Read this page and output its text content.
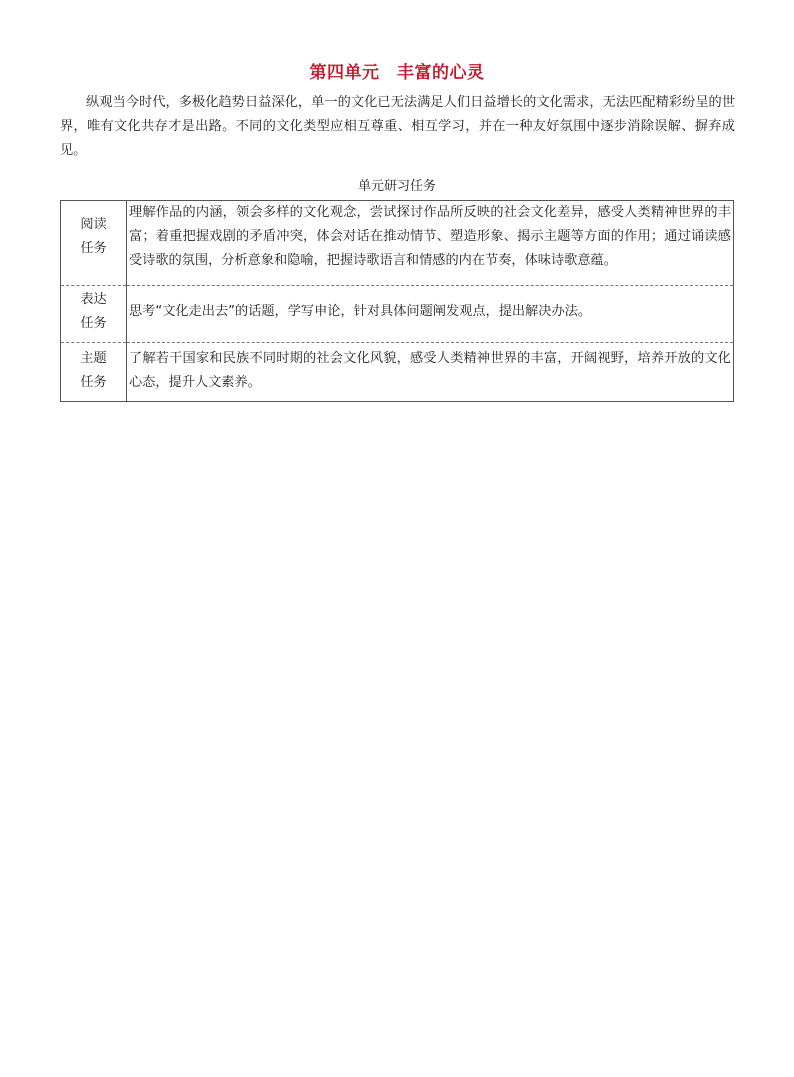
第四单元　丰富的心灵

纵观当今时代，多极化趋势日益深化，单一的文化已无法满足人们日益增长的文化需求，无法匹配精彩纷呈的世界，唯有文化共存才是出路。不同的文化类型应相互尊重、相互学习，并在一种友好氛围中逐步消除误解、摒弃成见。

单元研习任务
阅读
任务	理解作品的内涵，领会多样的文化观念，尝试探讨作品所反映的社会文化差异，感受人类精神世界的丰富；着重把握戏剧的矛盾冲突，体会对话在推动情节、塑造形象、揭示主题等方面的作用；通过诵读感受诗歌的氛围，分析意象和隐喻，把握诗歌语言和情感的内在节奏，体味诗歌意蕴。

表达
任务	思考“文化走出去”的话题，学写申论，针对具体问题阐发观点，提出解决办法。

主题
任务	了解若干国家和民族不同时期的社会文化风貌，感受人类精神世界的丰富，开阔视野，培养开放的文化心态，提升人文素养。
